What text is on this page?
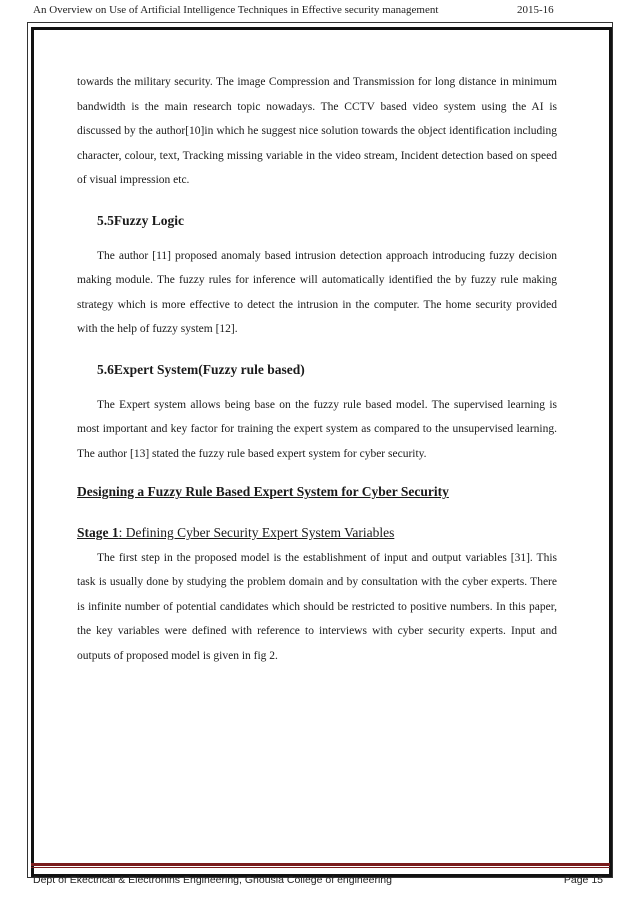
An Overview on Use of Artificial Intelligence Techniques in Effective security management	2015-16

towards the military security. The image Compression and Transmission for long distance in minimum bandwidth is the main research topic nowadays. The CCTV based video system using the AI is discussed by the author[10]in which he suggest nice solution towards the object identification including character, colour, text, Tracking missing variable in the video stream, Incident detection based on speed of visual impression etc.

5.5Fuzzy Logic

The author [11] proposed anomaly based intrusion detection approach introducing fuzzy decision making module. The fuzzy rules for inference will automatically identified the by fuzzy rule making strategy which is more effective to detect the intrusion in the computer. The home security provided with the help of fuzzy system [12].

5.6Expert System(Fuzzy rule based)

The Expert system allows being base on the fuzzy rule based model. The supervised learning is most important and key factor for training the expert system as compared to the unsupervised learning. The author [13] stated the fuzzy rule based expert system for cyber security.

Designing a Fuzzy Rule Based Expert System for Cyber Security

Stage 1: Defining Cyber Security Expert System Variables

The first step in the proposed model is the establishment of input and output variables [31]. This task is usually done by studying the problem domain and by consultation with the cyber experts. There is infinite number of potential candidates which should be restricted to positive numbers. In this paper, the key variables were defined with reference to interviews with cyber security experts. Input and outputs of proposed model is given in fig 2.

Dept of Ekectrical & Electronins Engineering, Ghousia College of engineering	Page 15
